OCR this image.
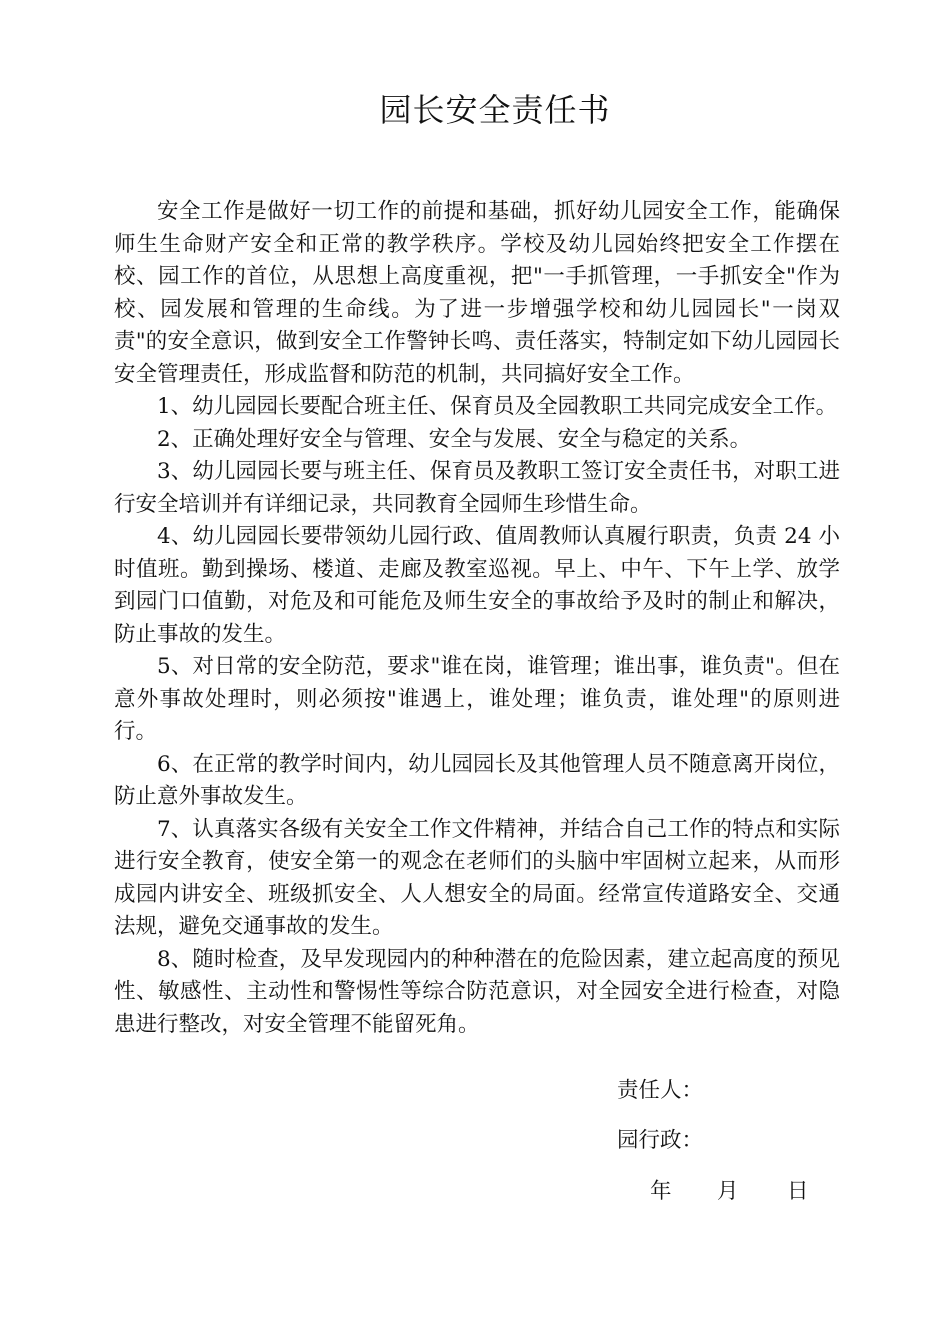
园长安全责任书

安全工作是做好一切工作的前提和基础，抓好幼儿园安全工作，能确保师生生命财产安全和正常的教学秩序。学校及幼儿园始终把安全工作摆在校、园工作的首位，从思想上高度重视，把"一手抓管理，一手抓安全"作为校、园发展和管理的生命线。为了进一步增强学校和幼儿园园长"一岗双责"的安全意识，做到安全工作警钟长鸣、责任落实，特制定如下幼儿园园长安全管理责任，形成监督和防范的机制，共同搞好安全工作。

1、幼儿园园长要配合班主任、保育员及全园教职工共同完成安全工作。

2、正确处理好安全与管理、安全与发展、安全与稳定的关系。

3、幼儿园园长要与班主任、保育员及教职工签订安全责任书，对职工进行安全培训并有详细记录，共同教育全园师生珍惜生命。

4、幼儿园园长要带领幼儿园行政、值周教师认真履行职责，负责 24 小时值班。勤到操场、楼道、走廊及教室巡视。早上、中午、下午上学、放学到园门口值勤，对危及和可能危及师生安全的事故给予及时的制止和解决，防止事故的发生。

5、对日常的安全防范，要求"谁在岗，谁管理；谁出事，谁负责"。但在意外事故处理时，则必须按"谁遇上，谁处理；谁负责，谁处理"的原则进行。

6、在正常的教学时间内，幼儿园园长及其他管理人员不随意离开岗位，防止意外事故发生。

7、认真落实各级有关安全工作文件精神，并结合自己工作的特点和实际进行安全教育，使安全第一的观念在老师们的头脑中牢固树立起来，从而形成园内讲安全、班级抓安全、人人想安全的局面。经常宣传道路安全、交通法规，避免交通事故的发生。

8、随时检查，及早发现园内的种种潜在的危险因素，建立起高度的预见性、敏感性、主动性和警惕性等综合防范意识，对全园安全进行检查，对隐患进行整改，对安全管理不能留死角。

责任人：
园行政：
年 月 日
